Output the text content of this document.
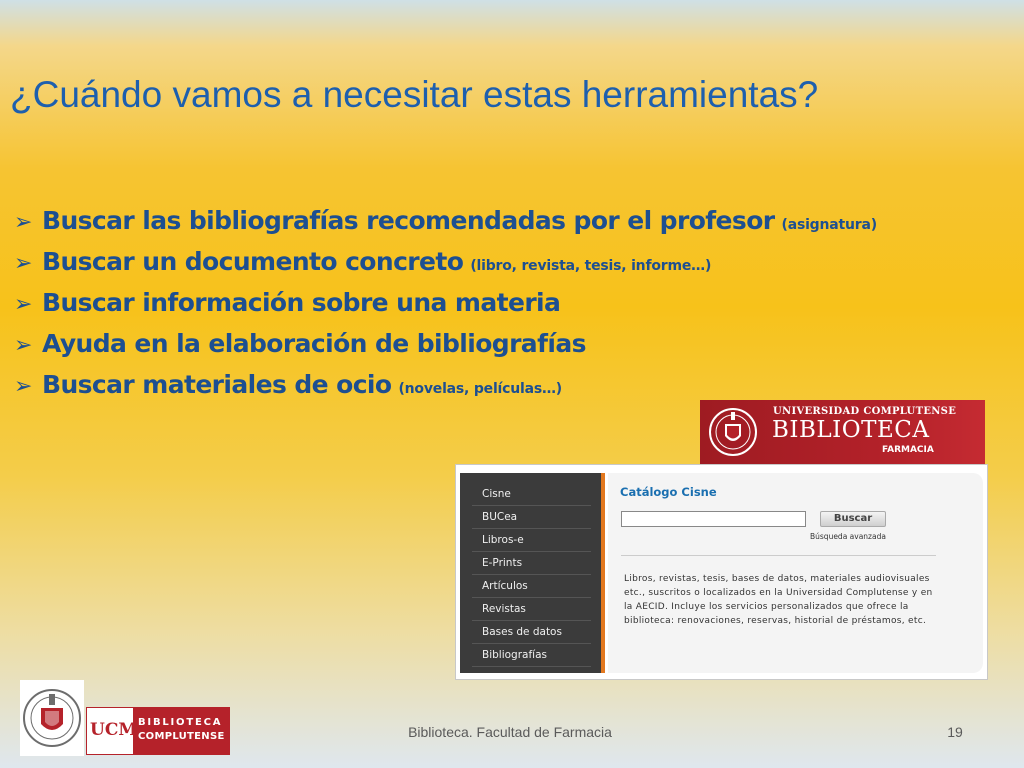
¿Cuándo vamos a necesitar estas herramientas?
➢ Buscar las bibliografías recomendadas por el profesor (asignatura)
➢ Buscar un documento concreto (libro, revista, tesis, informe…)
➢ Buscar información sobre una materia
➢ Ayuda en la elaboración de bibliografías
➢ Buscar materiales de ocio (novelas, películas…)
UNIVERSIDAD COMPLUTENSE
BIBLIOTECA
FARMACIA
Cisne
BUCea
Libros-e
E-Prints
Artículos
Revistas
Bases de datos
Bibliografías
Catálogo Cisne
Buscar
Búsqueda avanzada
Libros, revistas, tesis, bases de datos, materiales audiovisuales etc., suscritos o localizados en la Universidad Complutense y en la AECID. Incluye los servicios personalizados que ofrece la biblioteca: renovaciones, reservas, historial de préstamos, etc.
UCM BIBLIOTECA
COMPLUTENSE	Biblioteca. Facultad de Farmacia	19
